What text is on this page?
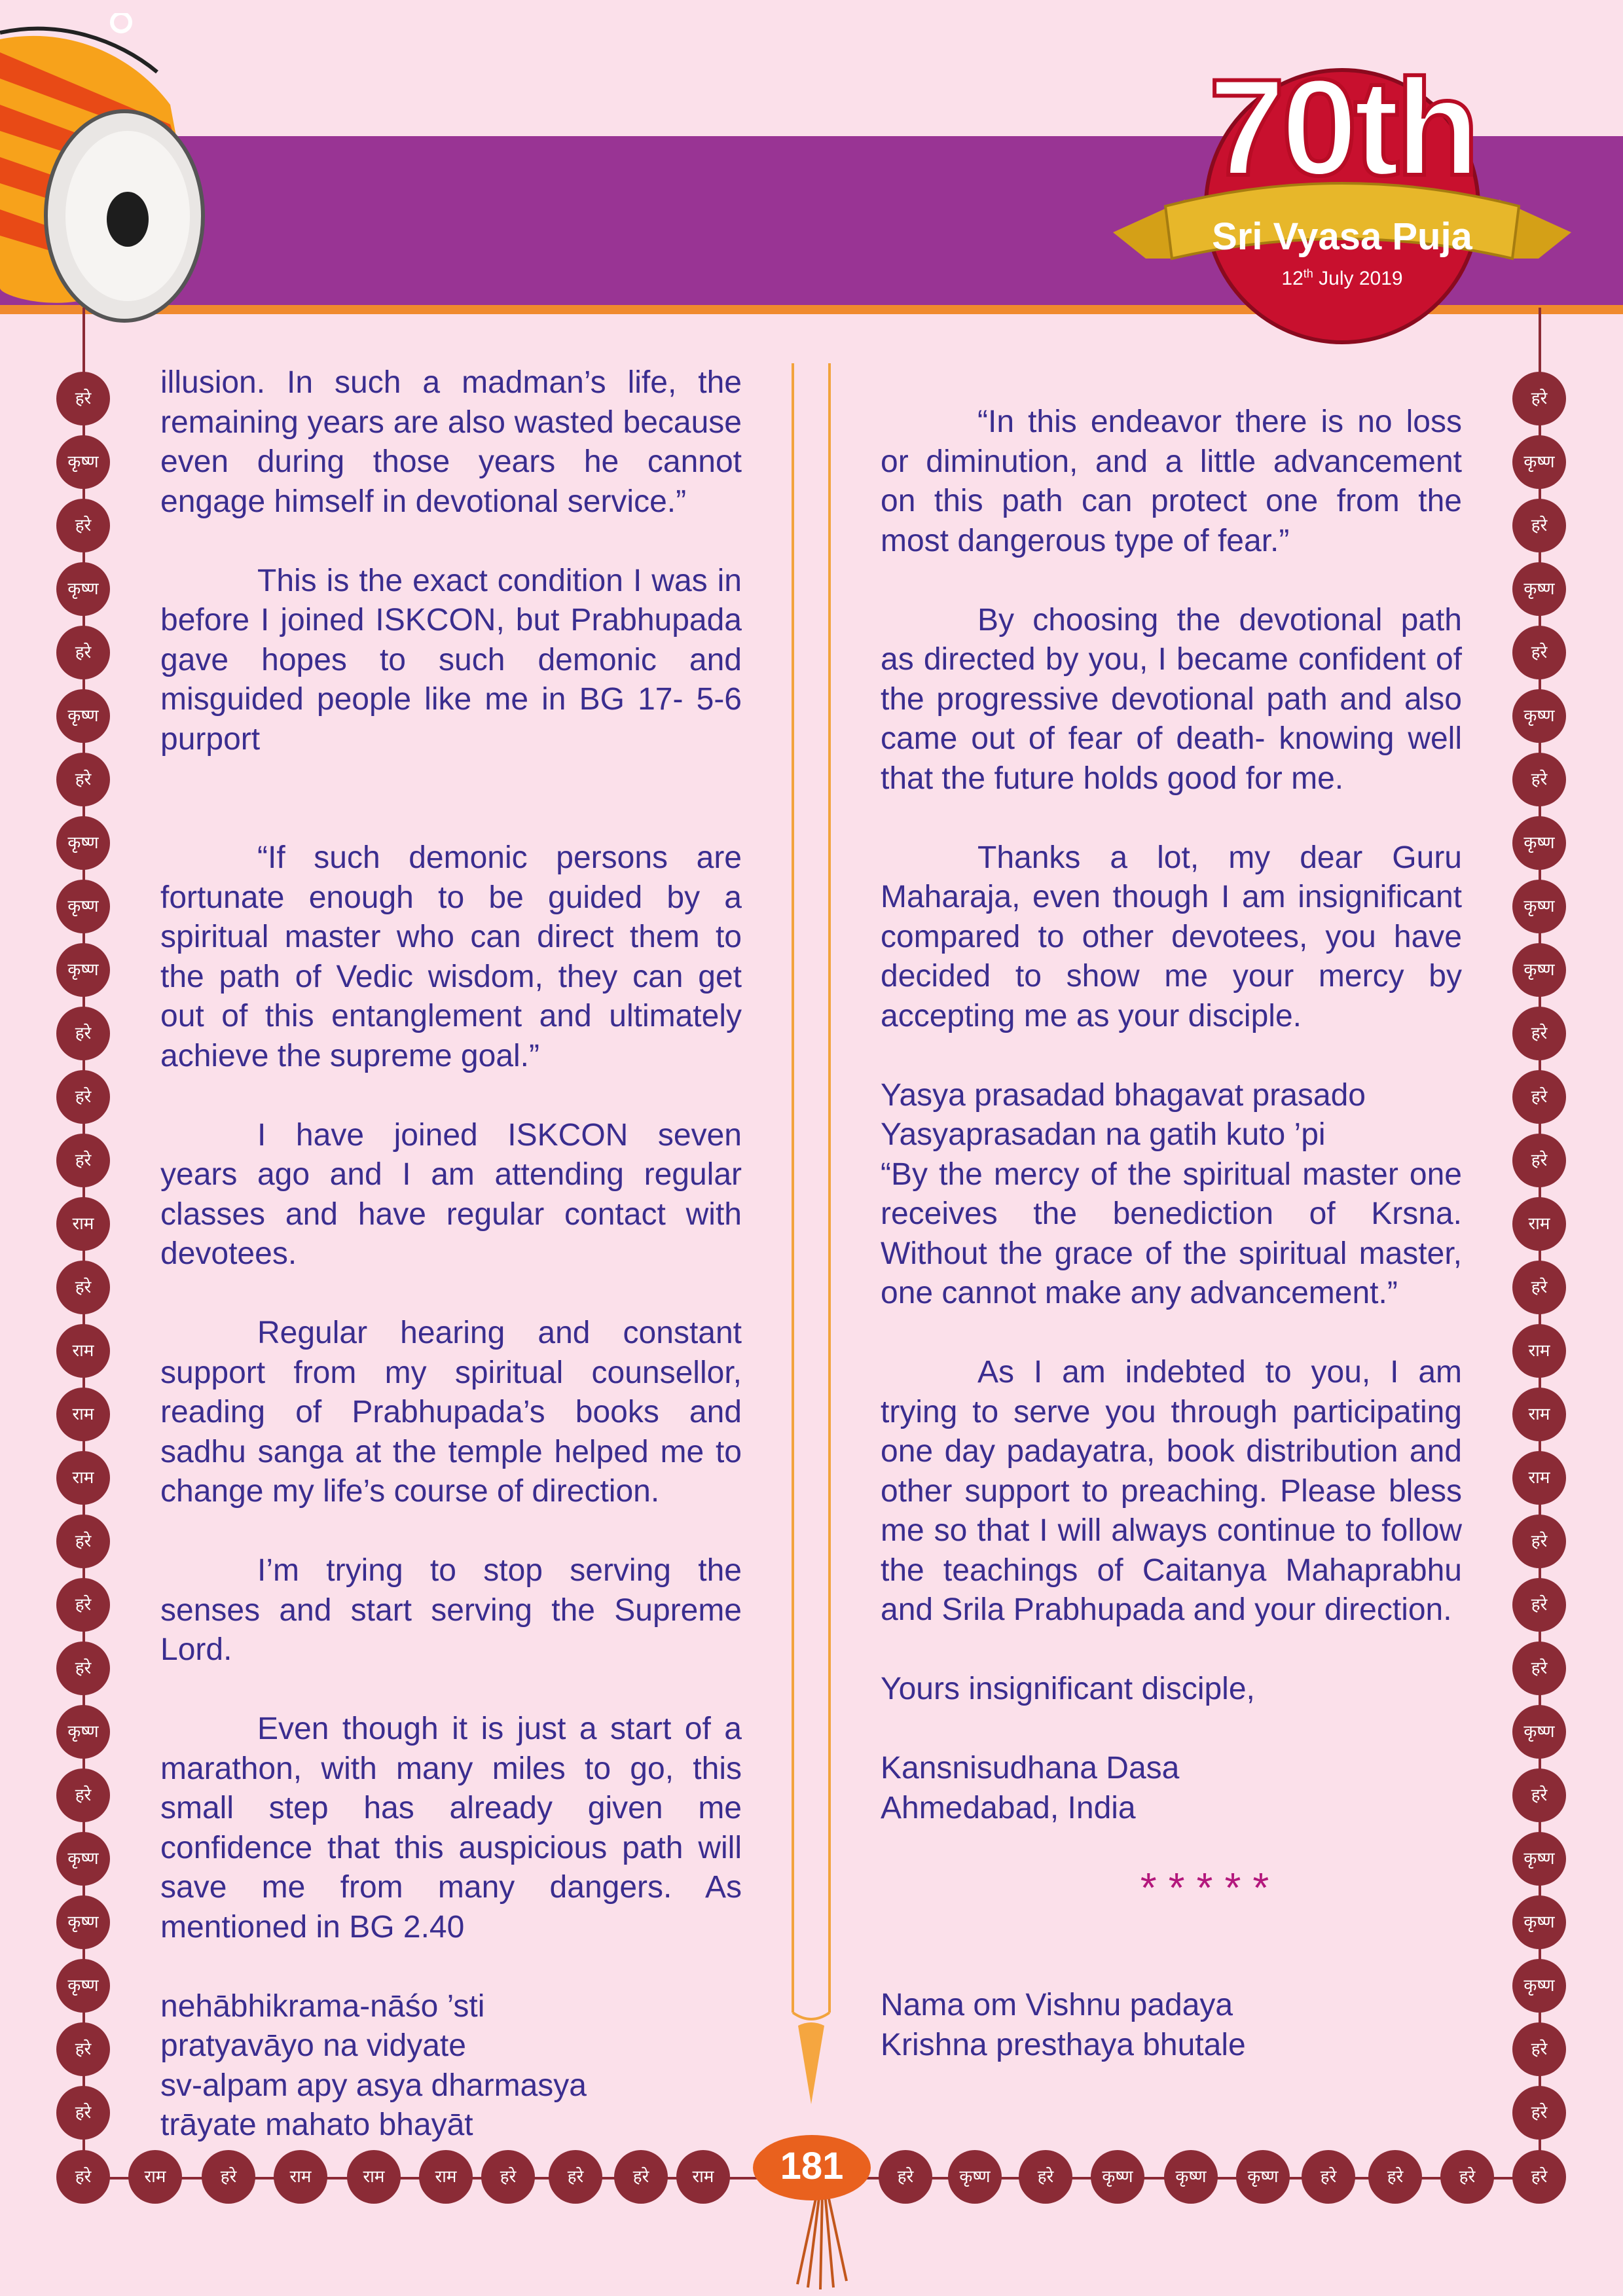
70th
Sri Vyasa Puja
12th July 2019
हरे
कृष्ण
हरे
कृष्ण
हरे
कृष्ण
हरे
कृष्ण
कृष्ण
कृष्ण
हरे
हरे
हरे
राम
हरे
राम
राम
राम
हरे
हरे
हरे
कृष्ण
हरे
कृष्ण
कृष्ण
कृष्ण
हरे
हरे
हरे
कृष्ण
हरे
कृष्ण
हरे
कृष्ण
हरे
कृष्ण
कृष्ण
कृष्ण
हरे
हरे
हरे
राम
हरे
राम
राम
राम
हरे
हरे
हरे
कृष्ण
हरे
कृष्ण
कृष्ण
कृष्ण
हरे
हरे
हरे	राम	हरे	राम	राम	राम	हरे	हरे	हरे	राम	हरे	कृष्ण	हरे	कृष्ण	कृष्ण	कृष्ण	हरे	हरे	हरे	हरे

illusion. In such a madman’s life, the remaining years are also wasted because even during those years he cannot engage himself in devotional service.”

This is the exact condition I was in before I joined ISKCON, but Prabhupada gave hopes to such demonic and misguided people like me in BG 17- 5-6 purport

“If such demonic persons are fortunate enough to be guided by a spiritual master who can direct them to the path of Vedic wisdom, they can get out of this entanglement and ultimately achieve the supreme goal.”

I have joined ISKCON seven years ago and I am attending regular classes and have regular contact with devotees.

Regular hearing and constant support from my spiritual counsellor, reading of Prabhupada’s books and sadhu sanga at the temple helped me to change my life’s course of direction.

I’m trying to stop serving the senses and start serving the Supreme Lord.

Even though it is just a start of a marathon, with many miles to go, this small step has already given me confidence that this auspicious path will save me from many dangers. As mentioned in BG 2.40

nehābhikrama-nāśo ’sti
pratyavāyo na vidyate
sv-alpam apy asya dharmasya
trāyate mahato bhayāt

“In this endeavor there is no loss or diminution, and a little advancement on this path can protect one from the most dangerous type of fear.”

By choosing the devotional path as directed by you, I became confident of the progressive devotional path and also came out of fear of death- knowing well that the future holds good for me.

Thanks a lot, my dear Guru Maharaja, even though I am insignificant compared to other devotees, you have decided to show me your mercy by accepting me as your disciple.

Yasya prasadad bhagavat prasado
Yasyaprasadan na gatih kuto ’pi
“By the mercy of the spiritual master one receives the benediction of Krsna. Without the grace of the spiritual master, one cannot make any advancement.”

As I am indebted to you, I am trying to serve you through participating one day padayatra, book distribution and other support to preaching. Please bless me so that I will always continue to follow the teachings of Caitanya Mahaprabhu and Srila Prabhupada and your direction.

Yours insignificant disciple,

Kansnisudhana Dasa
Ahmedabad, India

*****

Nama om Vishnu padaya
Krishna presthaya bhutale

181
